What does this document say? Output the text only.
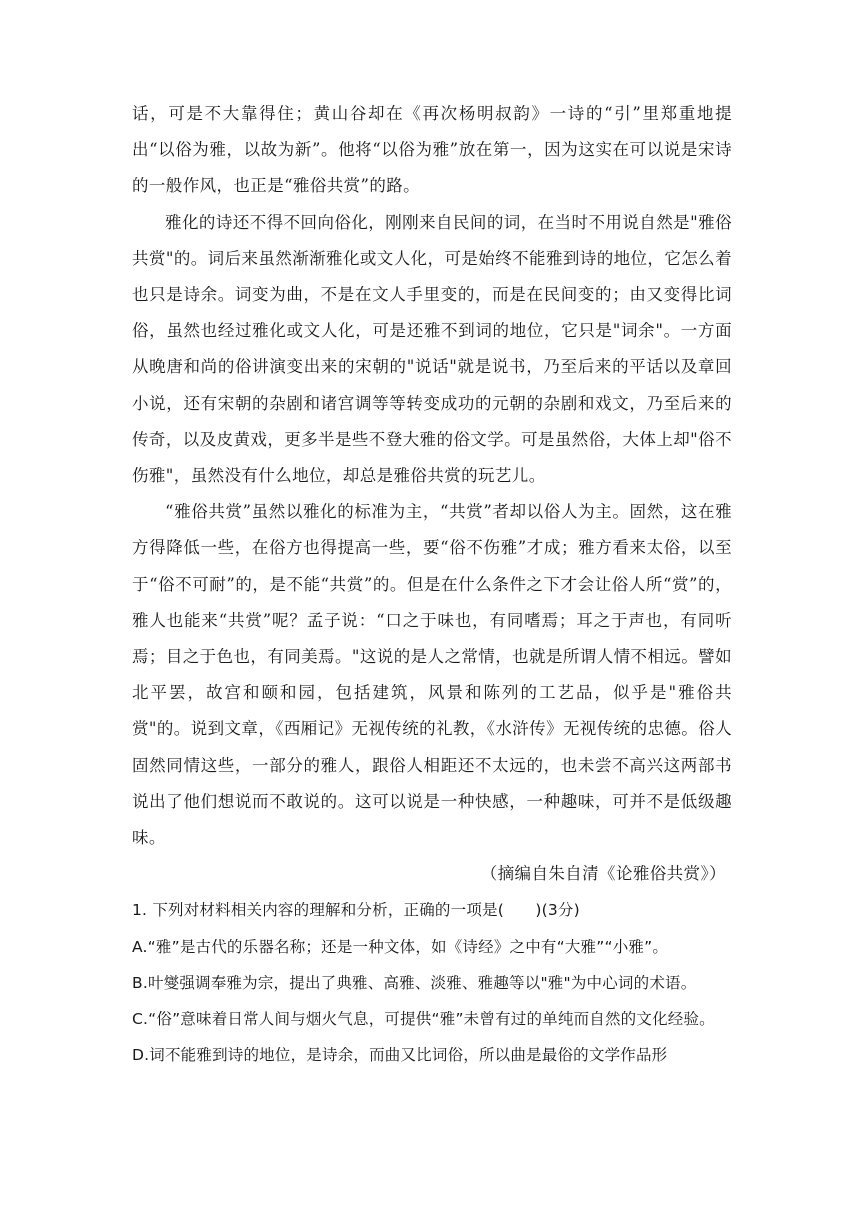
话，可是不大靠得住；黄山谷却在《再次杨明叔韵》一诗的“引”里郑重地提出“以俗为雅，以故为新”。他将“以俗为雅”放在第一，因为这实在可以说是宋诗的一般作风，也正是“雅俗共赏”的路。

雅化的诗还不得不回向俗化，刚刚来自民间的词，在当时不用说自然是"雅俗共赏"的。词后来虽然渐渐雅化或文人化，可是始终不能雅到诗的地位，它怎么着也只是诗余。词变为曲，不是在文人手里变的，而是在民间变的；由又变得比词俗，虽然也经过雅化或文人化，可是还雅不到词的地位，它只是"词余"。一方面从晚唐和尚的俗讲演变出来的宋朝的"说话"就是说书，乃至后来的平话以及章回小说，还有宋朝的杂剧和诸宫调等等转变成功的元朝的杂剧和戏文，乃至后来的传奇，以及皮黄戏，更多半是些不登大雅的俗文学。可是虽然俗，大体上却"俗不伤雅"，虽然没有什么地位，却总是雅俗共赏的玩艺儿。

“雅俗共赏”虽然以雅化的标准为主，“共赏”者却以俗人为主。固然，这在雅方得降低一些，在俗方也得提高一些，要“俗不伤雅”才成；雅方看来太俗，以至于“俗不可耐”的，是不能“共赏”的。但是在什么条件之下才会让俗人所“赏”的，雅人也能来“共赏”呢？孟子说：“口之于味也，有同嗜焉；耳之于声也，有同听焉；目之于色也，有同美焉。"这说的是人之常情，也就是所谓人情不相远。譬如北平罢，故宫和颐和园，包括建筑，风景和陈列的工艺品，似乎是"雅俗共赏"的。说到文章，《西厢记》无视传统的礼教，《水浒传》无视传统的忠德。俗人固然同情这些，一部分的雅人，跟俗人相距还不太远的，也未尝不高兴这两部书说出了他们想说而不敢说的。这可以说是一种快感，一种趣味，可并不是低级趣味。

（摘编自朱自清《论雅俗共赏》）

1. 下列对材料相关内容的理解和分析，正确的一项是(　　)(3分)

A.“雅”是古代的乐器名称；还是一种文体，如《诗经》之中有“大雅”“小雅”。

B.叶燮强调奉雅为宗，提出了典雅、高雅、淡雅、雅趣等以"雅"为中心词的术语。

C.“俗”意味着日常人间与烟火气息，可提供“雅”未曾有过的单纯而自然的文化经验。

D.词不能雅到诗的地位，是诗余，而曲又比词俗，所以曲是最俗的文学作品形
